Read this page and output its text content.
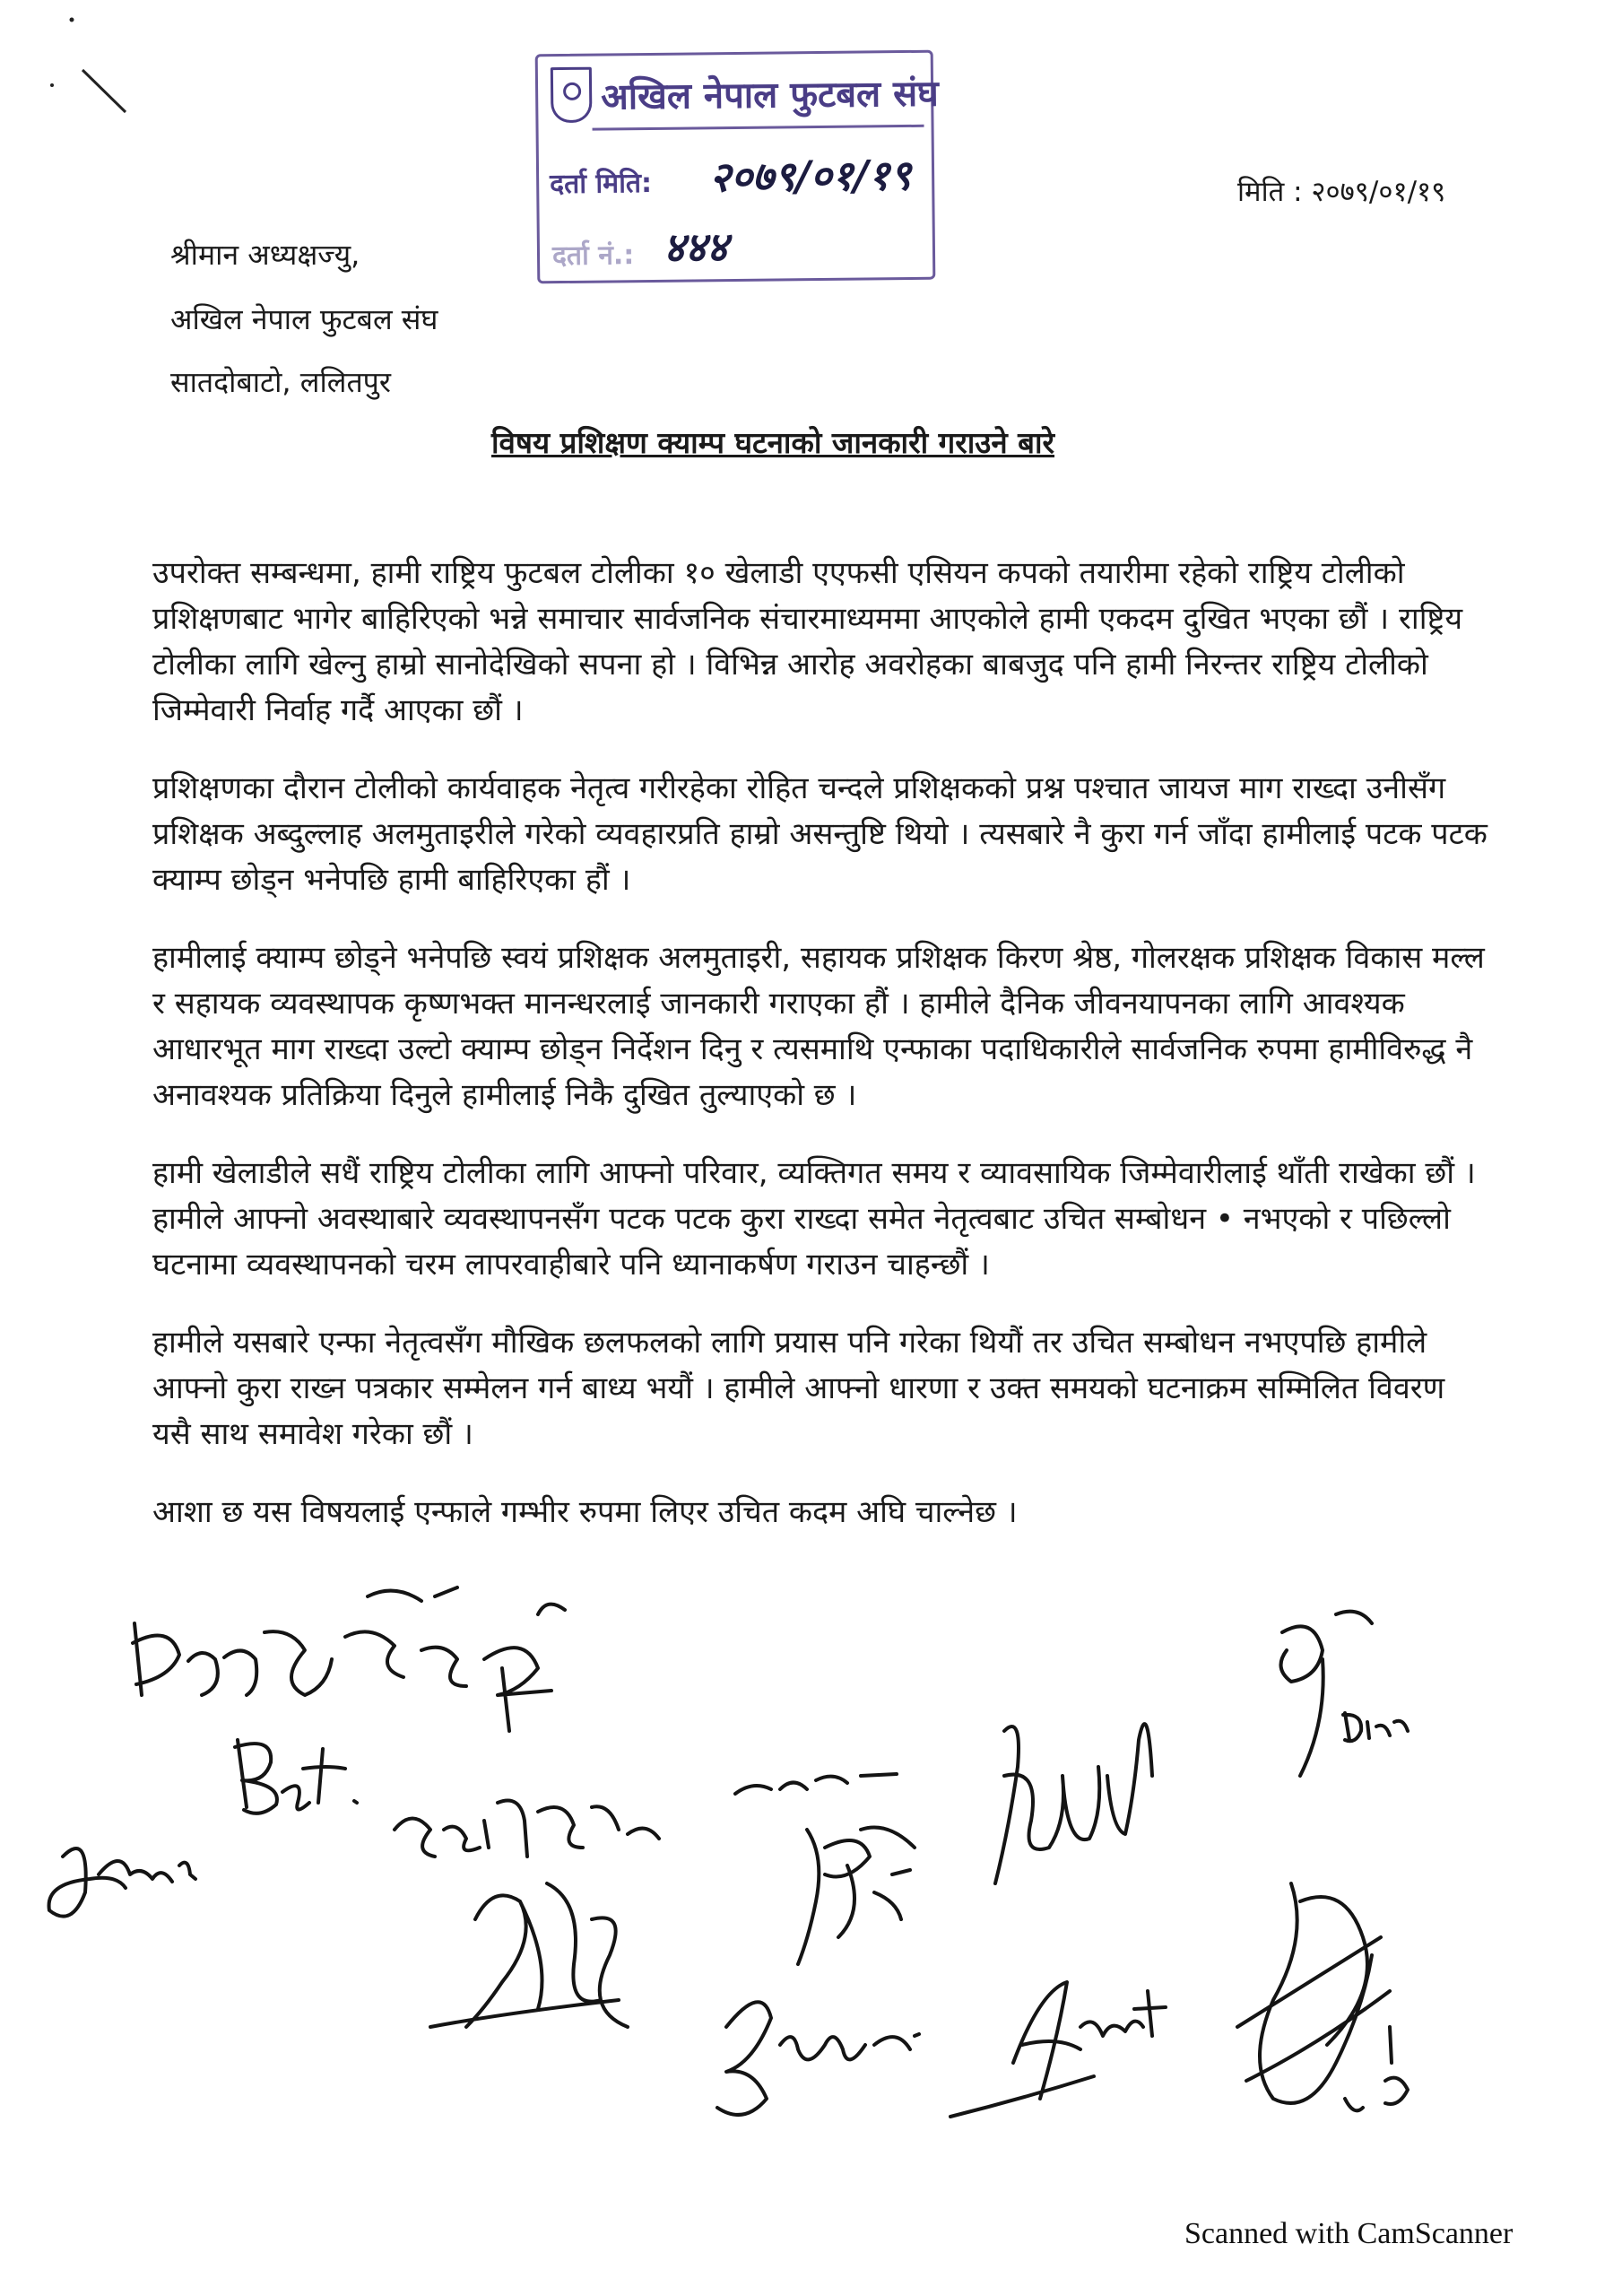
अखिल नेपाल फुटबल संघ
दर्ता मिति: २०७९/०१/१९
दर्ता नं.: ४४४
मिति : २०७९/०१/१९
श्रीमान अध्यक्षज्यु,
अखिल नेपाल फुटबल संघ
सातदोबाटो, ललितपुर
विषय प्रशिक्षण क्याम्प घटनाको जानकारी गराउने बारे

उपरोक्त सम्बन्धमा, हामी राष्ट्रिय फुटबल टोलीका १० खेलाडी एएफसी एसियन कपको तयारीमा रहेको राष्ट्रिय टोलीको प्रशिक्षणबाट भागेर बाहिरिएको भन्ने समाचार सार्वजनिक संचारमाध्यममा आएकोले हामी एकदम दुखित भएका छौं । राष्ट्रिय टोलीका लागि खेल्नु हाम्रो सानोदेखिको सपना हो । विभिन्न आरोह अवरोहका बाबजुद पनि हामी निरन्तर राष्ट्रिय टोलीको जिम्मेवारी निर्वाह गर्दै आएका छौं ।

प्रशिक्षणका दौरान टोलीको कार्यवाहक नेतृत्व गरीरहेका रोहित चन्दले प्रशिक्षकको प्रश्न पश्चात जायज माग राख्दा उनीसँग प्रशिक्षक अब्दुल्लाह अलमुताइरीले गरेको व्यवहारप्रति हाम्रो असन्तुष्टि थियो । त्यसबारे नै कुरा गर्न जाँदा हामीलाई पटक पटक क्याम्प छोड्न भनेपछि हामी बाहिरिएका हौं ।

हामीलाई क्याम्प छोड्ने भनेपछि स्वयं प्रशिक्षक अलमुताइरी, सहायक प्रशिक्षक किरण श्रेष्ठ, गोलरक्षक प्रशिक्षक विकास मल्ल र सहायक व्यवस्थापक कृष्णभक्त मानन्धरलाई जानकारी गराएका हौं । हामीले दैनिक जीवनयापनका लागि आवश्यक आधारभूत माग राख्दा उल्टो क्याम्प छोड्न निर्देशन दिनु र त्यसमाथि एन्फाका पदाधिकारीले सार्वजनिक रुपमा हामीविरुद्ध नै अनावश्यक प्रतिक्रिया दिनुले हामीलाई निकै दुखित तुल्याएको छ ।

हामी खेलाडीले सधैं राष्ट्रिय टोलीका लागि आफ्नो परिवार, व्यक्तिगत समय र व्यावसायिक जिम्मेवारीलाई थाँती राखेका छौं । हामीले आफ्नो अवस्थाबारे व्यवस्थापनसँग पटक पटक कुरा राख्दा समेत नेतृत्वबाट उचित सम्बोधन • नभएको र पछिल्लो घटनामा व्यवस्थापनको चरम लापरवाहीबारे पनि ध्यानाकर्षण गराउन चाहन्छौं ।

हामीले यसबारे एन्फा नेतृत्वसँग मौखिक छलफलको लागि प्रयास पनि गरेका थियौं तर उचित सम्बोधन नभएपछि हामीले आफ्नो कुरा राख्न पत्रकार सम्मेलन गर्न बाध्य भयौं । हामीले आफ्नो धारणा र उक्त समयको घटनाक्रम सम्मिलित विवरण यसै साथ समावेश गरेका छौं ।

आशा छ यस विषयलाई एन्फाले गम्भीर रुपमा लिएर उचित कदम अघि चाल्नेछ ।

Scanned with CamScanner
